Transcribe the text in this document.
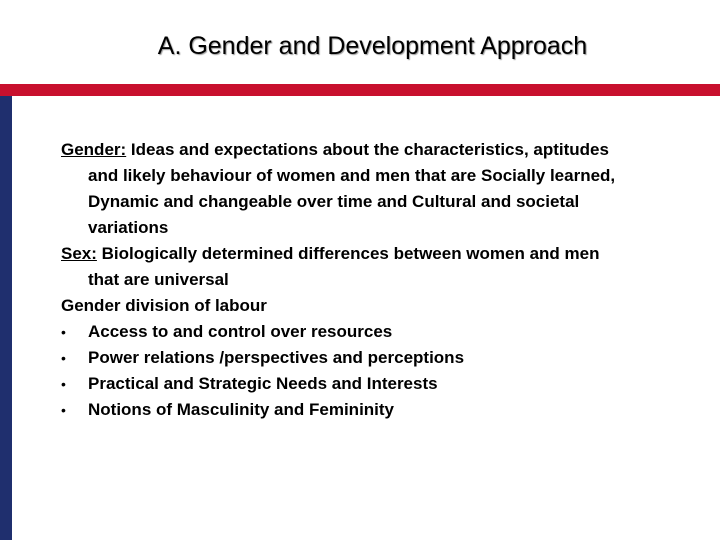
A. Gender and Development Approach
Gender: Ideas and expectations about the characteristics, aptitudes
and likely behaviour of women and men that are Socially learned,
Dynamic and changeable over time and Cultural and societal
variations
Sex: Biologically determined differences between women and men
that are universal
Gender division of labour
• Access to and control over resources
• Power relations /perspectives and perceptions
• Practical and Strategic Needs and Interests
• Notions of Masculinity and Femininity
